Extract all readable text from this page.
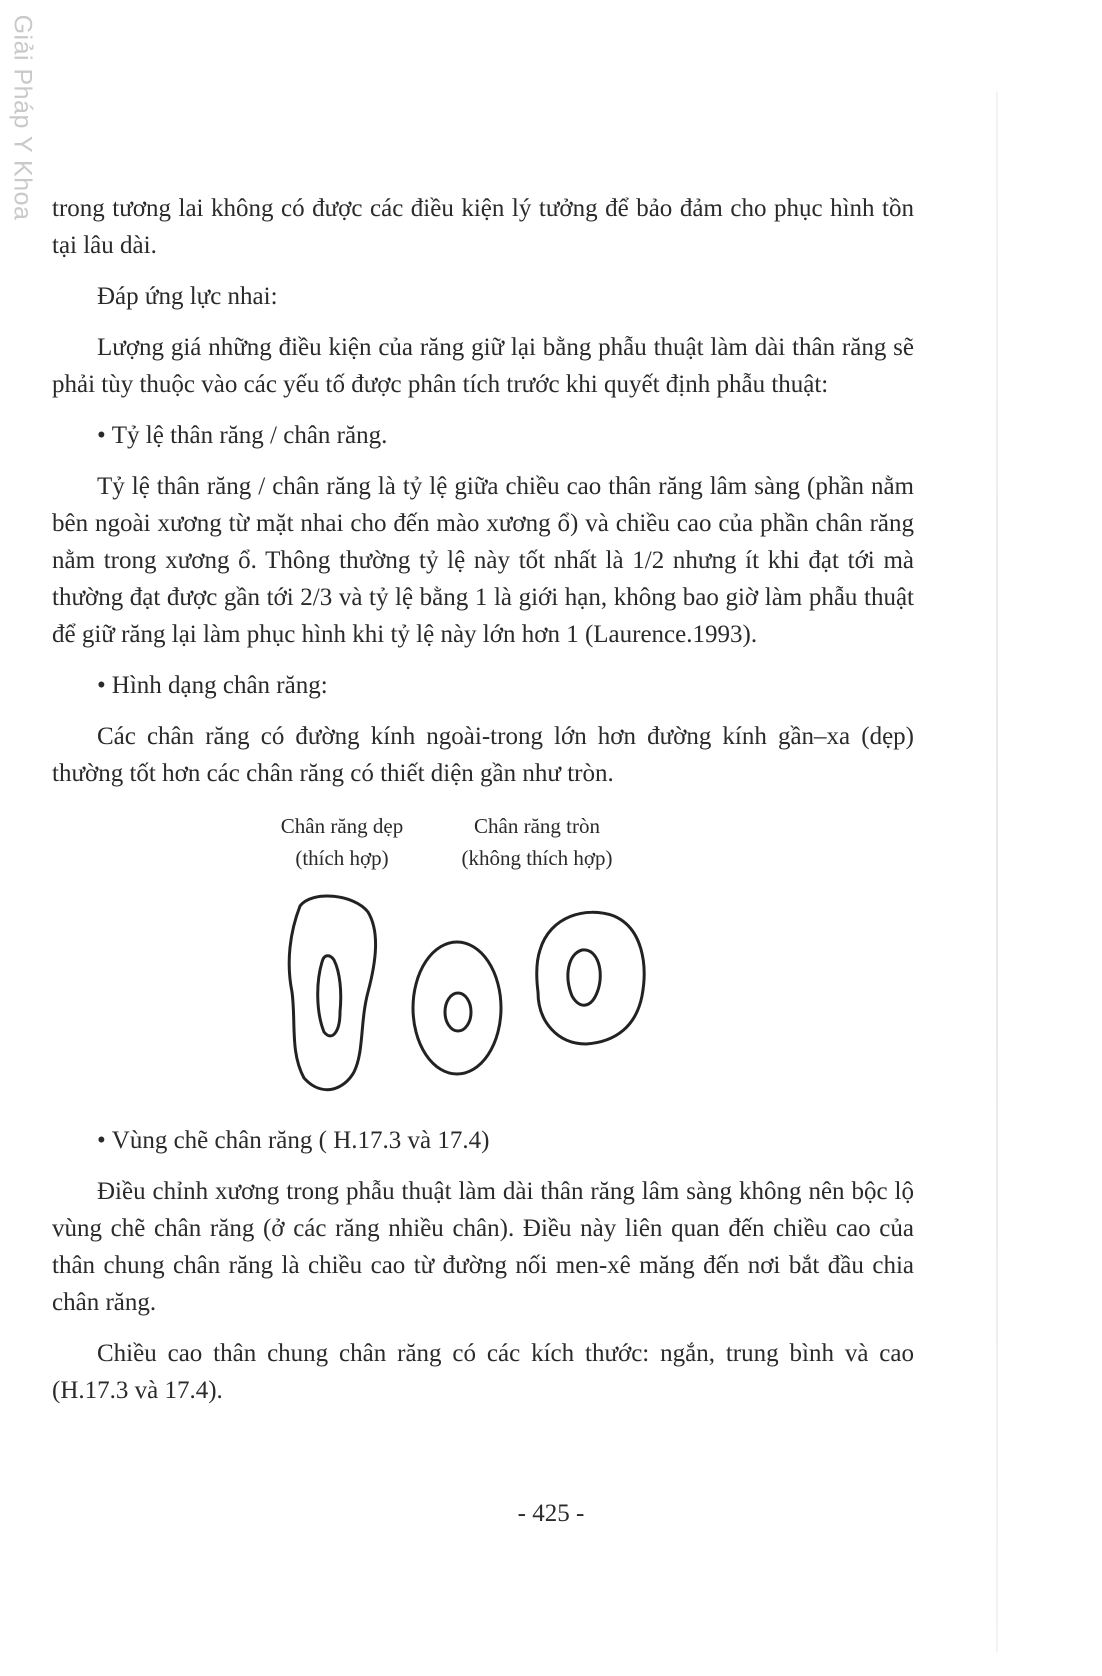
Giải Pháp Y Khoa trong tương lai không có được các điều kiện lý tưởng để bảo đảm cho phục hình tồn tại lâu dài.

Đáp ứng lực nhai:

Lượng giá những điều kiện của răng giữ lại bằng phẫu thuật làm dài thân răng sẽ phải tùy thuộc vào các yếu tố được phân tích trước khi quyết định phẫu thuật:

• Tỷ lệ thân răng / chân răng.

Tỷ lệ thân răng / chân răng là tỷ lệ giữa chiều cao thân răng lâm sàng (phần nằm bên ngoài xương từ mặt nhai cho đến mào xương ổ) và chiều cao của phần chân răng nằm trong xương ổ. Thông thường tỷ lệ này tốt nhất là 1/2 nhưng ít khi đạt tới mà thường đạt được gần tới 2/3 và tỷ lệ bằng 1 là giới hạn, không bao giờ làm phẫu thuật để giữ răng lại làm phục hình khi tỷ lệ này lớn hơn 1 (Laurence.1993).

• Hình dạng chân răng:

Các chân răng có đường kính ngoài-trong lớn hơn đường kính gần–xa (dẹp) thường tốt hơn các chân răng có thiết diện gần như tròn.

Chân răng dẹp
(thích hợp)
Chân răng tròn
(không thích hợp)

• Vùng chẽ chân răng ( H.17.3 và 17.4)

Điều chỉnh xương trong phẫu thuật làm dài thân răng lâm sàng không nên bộc lộ vùng chẽ chân răng (ở các răng nhiều chân). Điều này liên quan đến chiều cao của thân chung chân răng là chiều cao từ đường nối men-xê măng đến nơi bắt đầu chia chân răng.

Chiều cao thân chung chân răng có các kích thước: ngắn, trung bình và cao (H.17.3 và 17.4).

- 425 -
